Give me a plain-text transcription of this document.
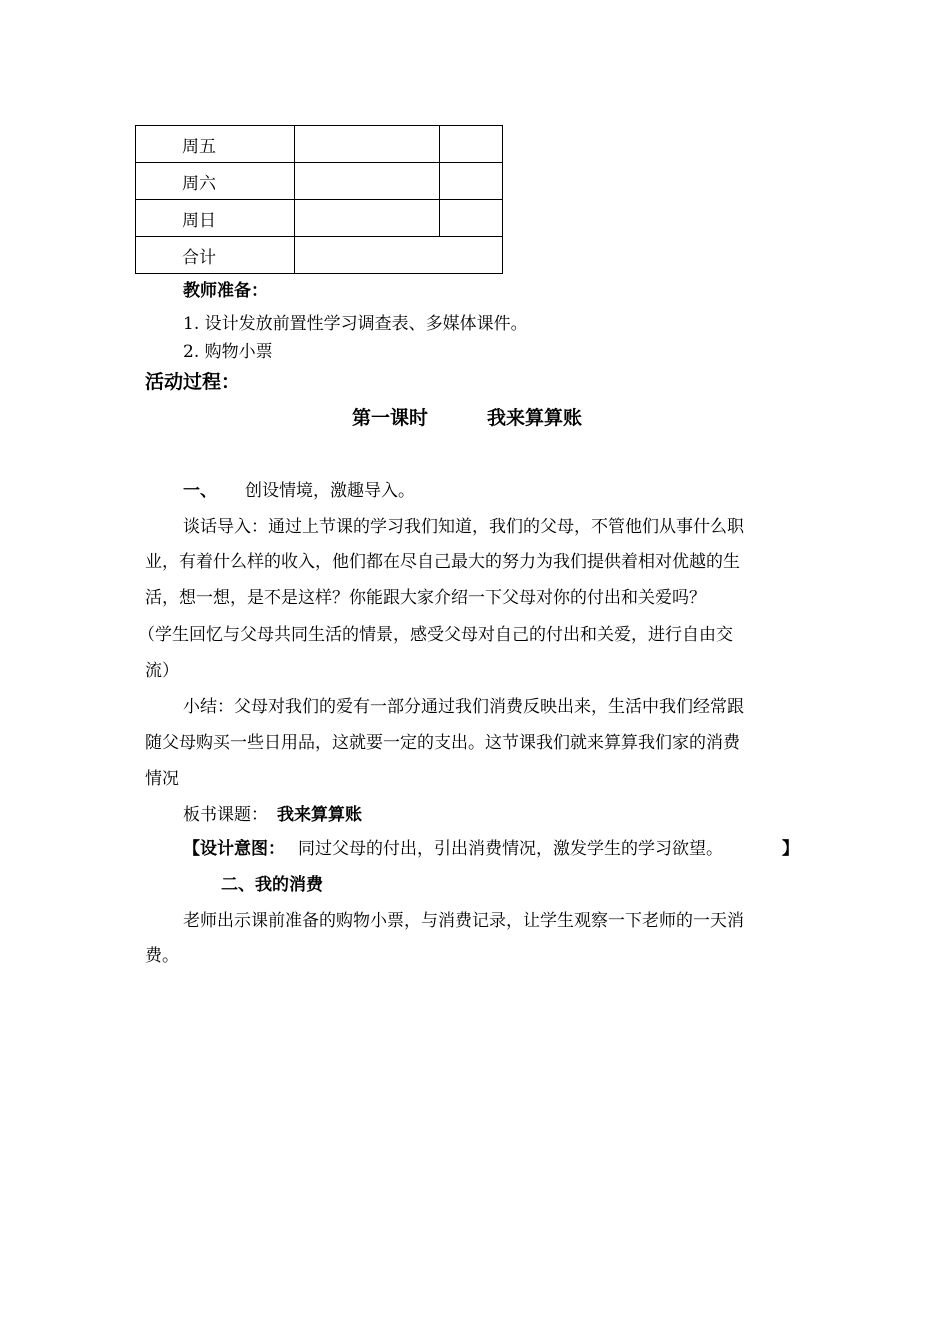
周五		
周六		
周日		
合计		
教师准备：
1. 设计发放前置性学习调查表、多媒体课件。
2. 购物小票
活动过程：
第一课时	我来算算账
一、 创设情境，激趣导入。
谈话导入：通过上节课的学习我们知道，我们的父母，不管他们从事什么职
业，有着什么样的收入，他们都在尽自己最大的努力为我们提供着相对优越的生
活，想一想，是不是这样？你能跟大家介绍一下父母对你的付出和关爱吗？
（学生回忆与父母共同生活的情景，感受父母对自己的付出和关爱，进行自由交
流）
小结：父母对我们的爱有一部分通过我们消费反映出来，生活中我们经常跟
随父母购买一些日用品，这就要一定的支出。这节课我们就来算算我们家的消费
情况
板书课题： 我来算算账
【设计意图： 同过父母的付出，引出消费情况，激发学生的学习欲望。	】
二、我的消费
老师出示课前准备的购物小票，与消费记录，让学生观察一下老师的一天消
费。
